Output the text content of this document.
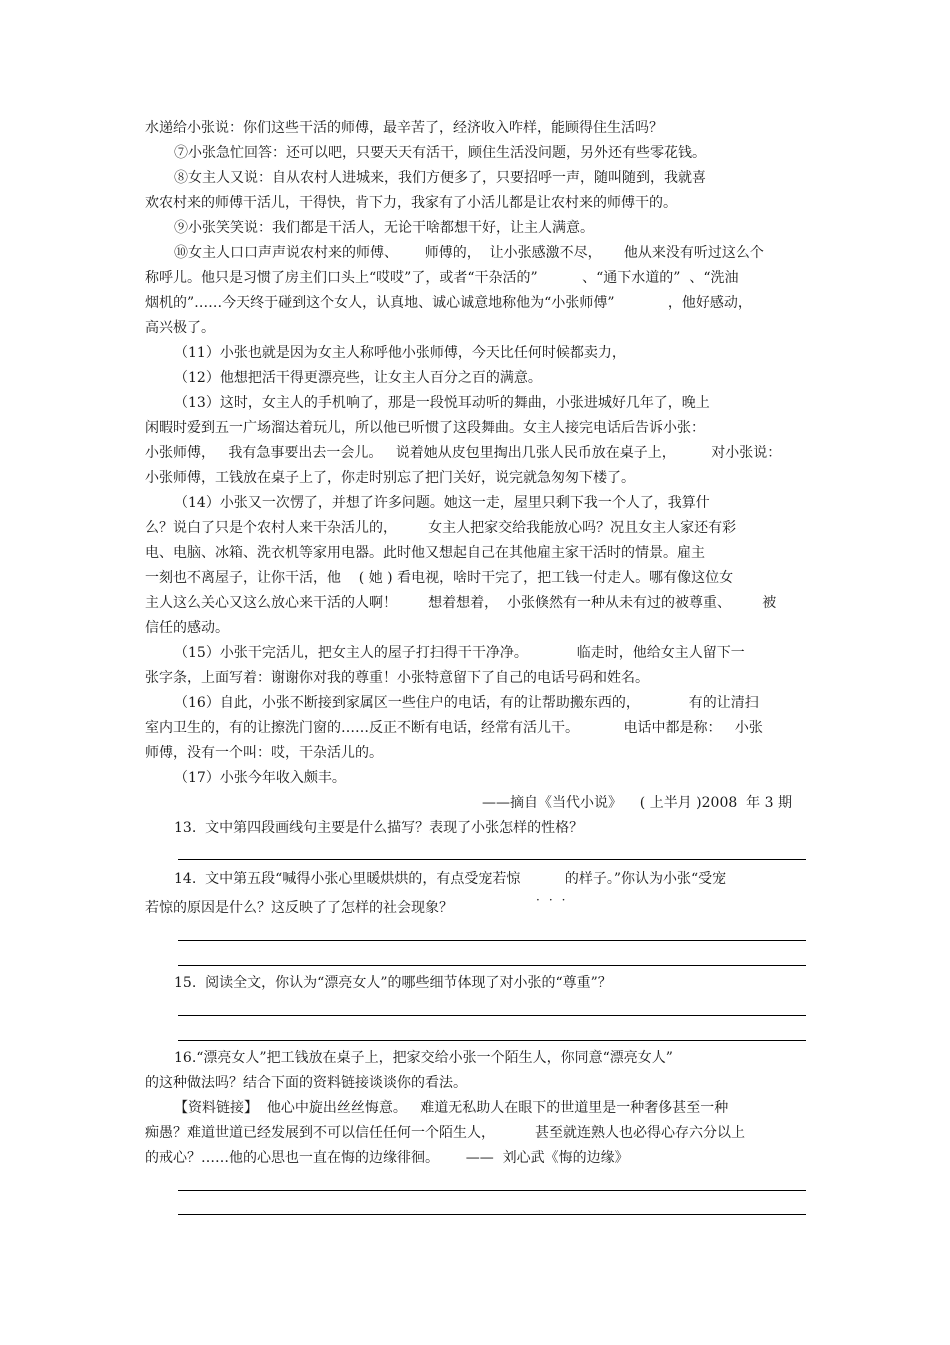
水递给小张说：你们这些干活的师傅，最辛苦了，经济收入咋样，能顾得住生活吗？
⑦小张急忙回答：还可以吧，只要天天有活干，顾住生活没问题，另外还有些零花钱。
⑧女主人又说：自从农村人进城来，我们方便多了，只要招呼一声，随叫随到，我就喜
欢农村来的师傅干活儿，干得快，肯下力，我家有了小活儿都是让农村来的师傅干的。
⑨小张笑笑说：我们都是干活人，无论干啥都想干好，让主人满意。
⑩女主人口口声声说农村来的师傅、      师傅的，  让小张感激不尽，     他从来没有听过这么个
称呼儿。他只是习惯了房主们口头上“哎哎”了，或者“干杂活的”          、“通下水道的”  、“洗油
烟机的”……今天终于碰到这个女人，认真地、诚心诚意地称他为“小张师傅”            ，他好感动，
高兴极了。
（11）小张也就是因为女主人称呼他小张师傅，今天比任何时候都卖力，
（12）他想把活干得更漂亮些，让女主人百分之百的满意。
（13）这时，女主人的手机响了，那是一段悦耳动听的舞曲，小张进城好几年了，晚上
闲暇时爱到五一广场溜达着玩儿，所以他已听惯了这段舞曲。女主人接完电话后告诉小张：
小张师傅，   我有急事要出去一会儿。   说着她从皮包里掏出几张人民币放在桌子上，        对小张说：
小张师傅，工钱放在桌子上了，你走时别忘了把门关好，说完就急匆匆下楼了。
（14）小张又一次愣了，并想了许多问题。她这一走，屋里只剩下我一个人了，我算什
么？说白了只是个农村人来干杂活儿的，       女主人把家交给我能放心吗？况且女主人家还有彩
电、电脑、冰箱、洗衣机等家用电器。此时他又想起自己在其他雇主家干活时的情景。雇主
一刻也不离屋子，让你干活，他    ( 她 ) 看电视，啥时干完了，把工钱一付走人。哪有像这位女
主人这么关心又这么放心来干活的人啊！       想着想着，  小张倏然有一种从未有过的被尊重、       被
信任的感动。
（15）小张干完活儿，把女主人的屋子打扫得干干净净。           临走时，他给女主人留下一
张字条，上面写着：谢谢你对我的尊重！小张特意留下了自己的电话号码和姓名。
（16）自此，小张不断接到家属区一些住户的电话，有的让帮助搬东西的，           有的让清扫
室内卫生的，有的让擦洗门窗的……反正不断有电话，经常有活儿干。          电话中都是称：   小张
师傅，没有一个叫：哎，干杂活儿的。
（17）小张今年收入颇丰。
——摘自《当代小说》    ( 上半月 )2008  年 3 期
13.  文中第四段画线句主要是什么描写？表现了小张怎样的性格？
14.  文中第五段“喊得小张心里暖烘烘的，有点受宠若惊          的样子。”你认为小张“受宠
···
若惊的原因是什么？这反映了了怎样的社会现象？
15.  阅读全文，你认为“漂亮女人”的哪些细节体现了对小张的“尊重”？
16.“漂亮女人”把工钱放在桌子上，把家交给小张一个陌生人，你同意“漂亮女人”
的这种做法吗？结合下面的资料链接谈谈你的看法。
【资料链接】  他心中旋出丝丝悔意。   难道无私助人在眼下的世道里是一种奢侈甚至一种
痴愚？难道世道已经发展到不可以信任任何一个陌生人，         甚至就连熟人也必得心存六分以上
的戒心？……他的心思也一直在悔的边缘徘徊。      ——  刘心武《悔的边缘》
